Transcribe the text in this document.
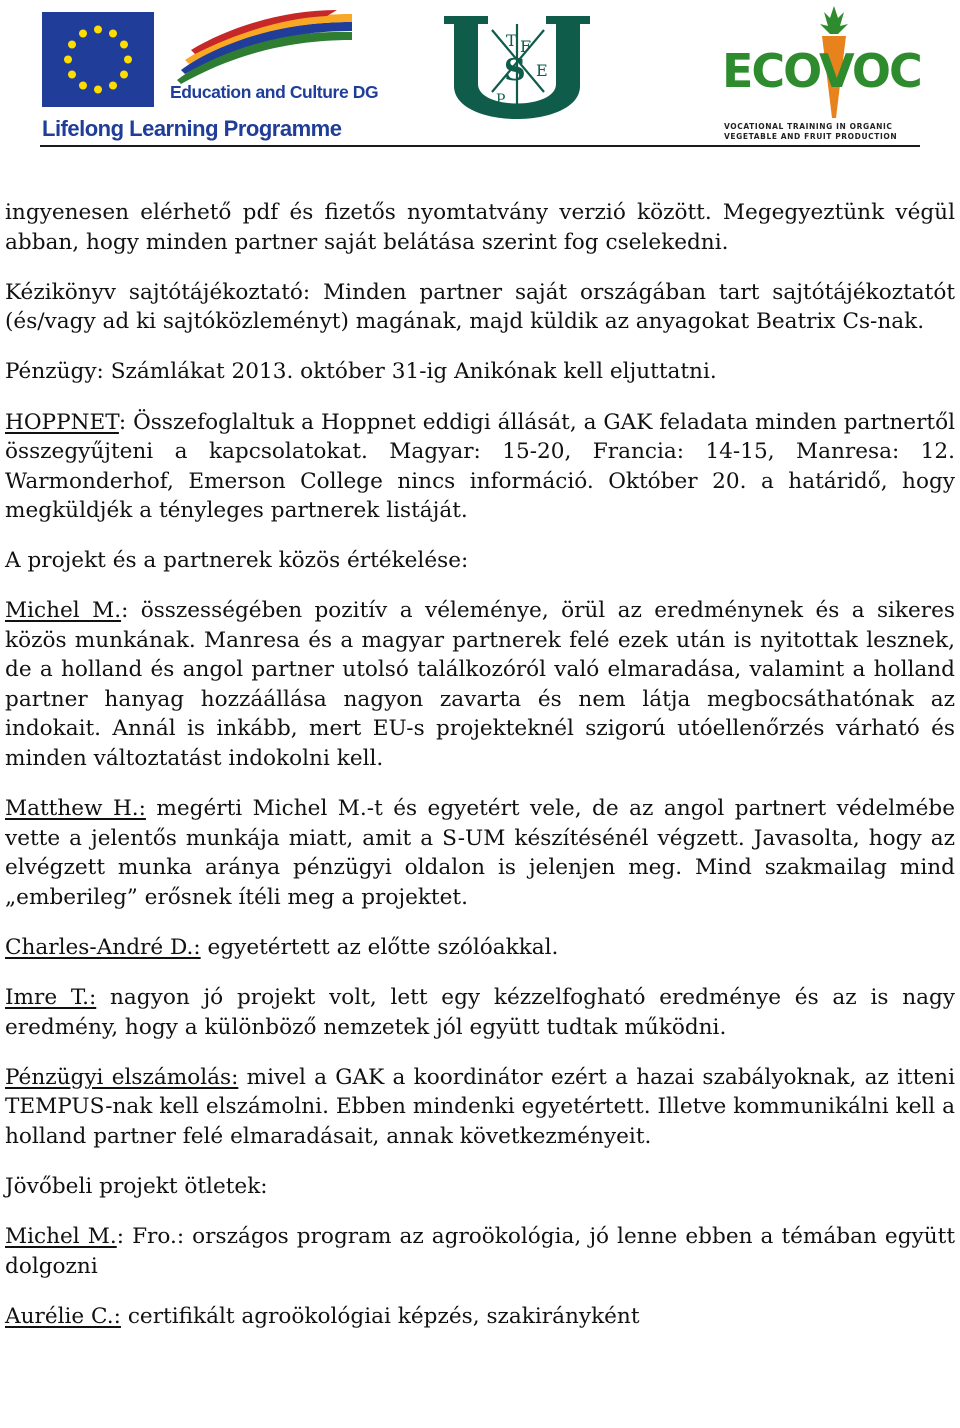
Education and Culture DG
Lifelong Learning Programme
T F
S E
P
ECOVOC
VOCATIONAL TRAINING IN ORGANIC
VEGETABLE AND FRUIT PRODUCTION

ingyenesen elérhető pdf és fizetős nyomtatvány verzió között. Megegyeztünk végül abban, hogy minden partner saját belátása szerint fog cselekedni.

Kézikönyv sajtótájékoztató: Minden partner saját országában tart sajtótájékoztatót (és/vagy ad ki sajtóközleményt) magának, majd küldik az anyagokat Beatrix Cs-nak.

Pénzügy: Számlákat 2013. október 31-ig Anikónak kell eljuttatni.

HOPPNET: Összefoglaltuk a Hoppnet eddigi állását, a GAK feladata minden partnertől összegyűjteni a kapcsolatokat. Magyar: 15-20, Francia: 14-15, Manresa: 12. Warmonderhof, Emerson College nincs információ. Október 20. a határidő, hogy megküldjék a tényleges partnerek listáját.

A projekt és a partnerek közös értékelése:

Michel M.: összességében pozitív a véleménye, örül az eredménynek és a sikeres közös munkának. Manresa és a magyar partnerek felé ezek után is nyitottak lesznek, de a holland és angol partner utolsó találkozóról való elmaradása, valamint a holland partner hanyag hozzáállása nagyon zavarta és nem látja megbocsáthatónak az indokait. Annál is inkább, mert EU-s projekteknél szigorú utóellenőrzés várható és minden változtatást indokolni kell.

Matthew H.: megérti Michel M.-t és egyetért vele, de az angol partnert védelmébe vette a jelentős munkája miatt, amit a S-UM készítésénél végzett. Javasolta, hogy az elvégzett munka aránya pénzügyi oldalon is jelenjen meg. Mind szakmailag mind „emberileg” erősnek ítéli meg a projektet.

Charles-André D.: egyetértett az előtte szólóakkal.

Imre T.: nagyon jó projekt volt, lett egy kézzelfogható eredménye és az is nagy eredmény, hogy a különböző nemzetek jól együtt tudtak működni.

Pénzügyi elszámolás: mivel a GAK a koordinátor ezért a hazai szabályoknak, az itteni TEMPUS-nak kell elszámolni. Ebben mindenki egyetértett. Illetve kommunikálni kell a holland partner felé elmaradásait, annak következményeit.

Jövőbeli projekt ötletek:

Michel M.: Fro.: országos program az agroökológia, jó lenne ebben a témában együtt dolgozni

Aurélie C.: certifikált agroökológiai képzés, szakirányként
